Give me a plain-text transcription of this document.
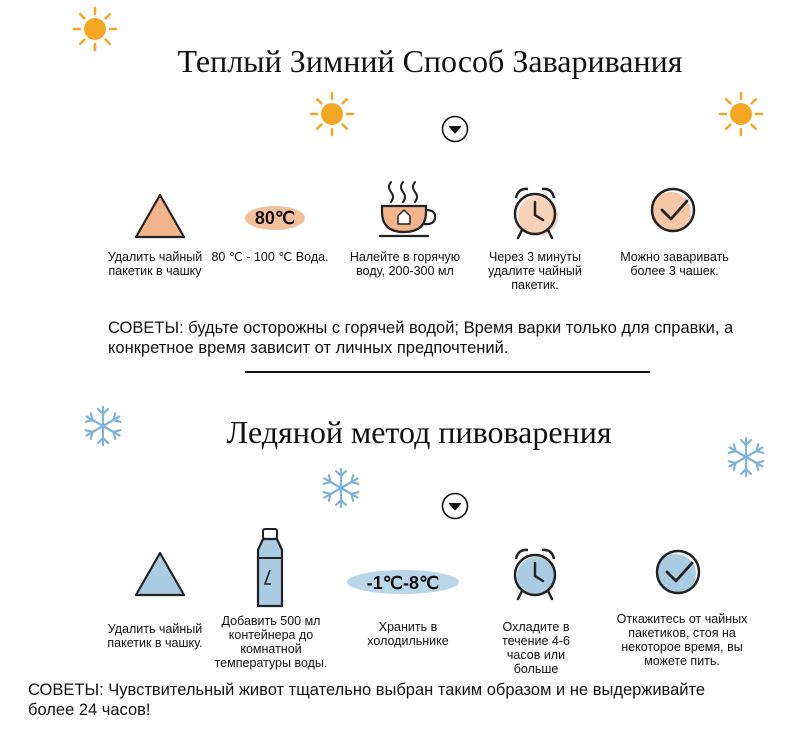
Теплый Зимний Способ Заваривания
Удалить чайный пакетик в чашку
80℃
80 ℃ - 100 ℃ Вода.	Налейте в горячую воду, 200-300 мл
Через 3 минуты удалите чайный пакетик.
Можно заваривать более 3 чашек.
СОВЕТЫ: будьте осторожны с горячей водой; Время варки только для справки, а конкретное время зависит от личных предпочтений.
Ледяной метод пивоварения
Удалить чайный пакетик в чашку.
Добавить 500 мл контейнера до комнатной температуры воды.
-1℃-8℃
Хранить в холодильнике
Охладите в течение 4-6 часов или больше
Откажитесь от чайных пакетиков, стоя на некоторое время, вы можете пить.
СОВЕТЫ: Чувствительный живот тщательно выбран таким образом и не выдерживайте более 24 часов!
